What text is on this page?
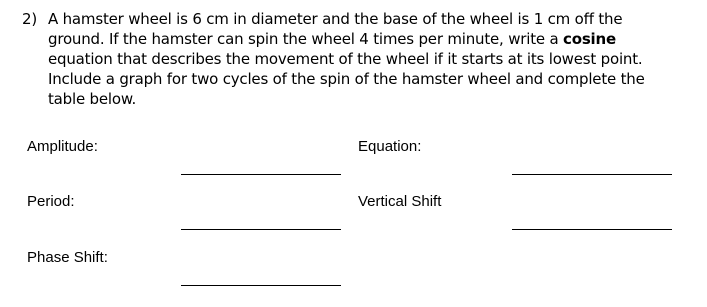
2) A hamster wheel is 6 cm in diameter and the base of the wheel is 1 cm off the ground. If the hamster can spin the wheel 4 times per minute, write a cosine equation that describes the movement of the wheel if it starts at its lowest point. Include a graph for two cycles of the spin of the hamster wheel and complete the table below.
Amplitude:
Period:
Phase Shift:
Equation:
Vertical Shift
